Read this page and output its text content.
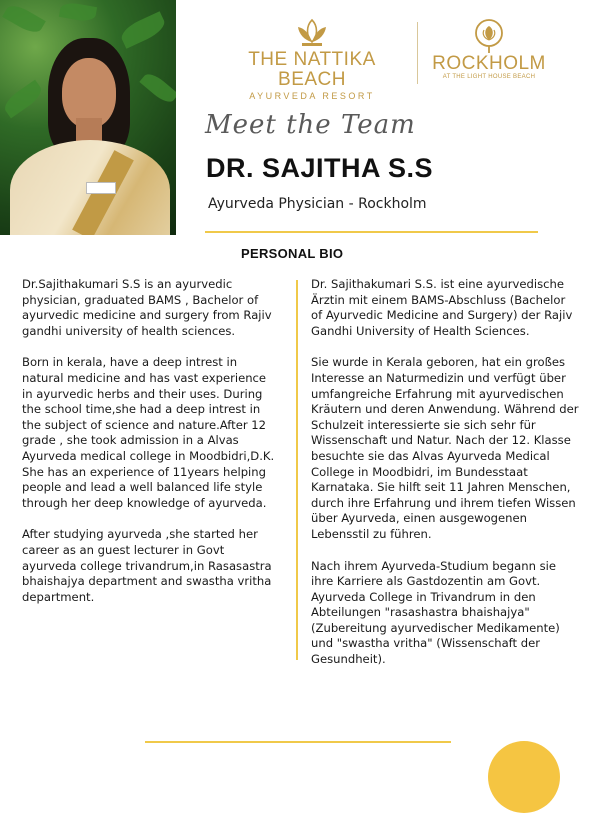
THE NATTIKA BEACH
AYURVEDA RESORT
ROCKHOLM
AT THE LIGHT HOUSE BEACH
Meet the Team
DR. SAJITHA S.S
Ayurveda Physician - Rockholm
PERSONAL BIO

Dr.Sajithakumari S.S is an ayurvedic physician, graduated BAMS , Bachelor of ayurvedic medicine and surgery from Rajiv gandhi university of health sciences.

Born in kerala, have a deep intrest in natural medicine and has vast experience in ayurvedic herbs and their uses. During the school time,she had a deep intrest in the subject of science and nature.After 12 grade , she took admission in a Alvas Ayurveda medical college in Moodbidri,D.K. She has an experience of 11years helping people and lead a well balanced life style through her deep knowledge of ayurveda.

After studying ayurveda ,she started her career as an guest lecturer in Govt ayurveda college trivandrum,in Rasasastra bhaishajya department and swastha vritha department.

Dr. Sajithakumari S.S. ist eine ayurvedische Ärztin mit einem BAMS-Abschluss (Bachelor of Ayurvedic Medicine and Surgery) der Rajiv Gandhi University of Health Sciences.

Sie wurde in Kerala geboren, hat ein großes Interesse an Naturmedizin und verfügt über umfangreiche Erfahrung mit ayurvedischen Kräutern und deren Anwendung. Während der Schulzeit interessierte sie sich sehr für Wissenschaft und Natur. Nach der 12. Klasse besuchte sie das Alvas Ayurveda Medical College in Moodbidri, im Bundesstaat Karnataka. Sie hilft seit 11 Jahren Menschen, durch ihre Erfahrung und ihrem tiefen Wissen über Ayurveda, einen ausgewogenen Lebensstil zu führen.

Nach ihrem Ayurveda-Studium begann sie ihre Karriere als Gastdozentin am Govt. Ayurveda College in Trivandrum in den Abteilungen "rasashastra bhaishajya" (Zubereitung ayurvedischer Medikamente) und "swastha vritha" (Wissenschaft der Gesundheit).
